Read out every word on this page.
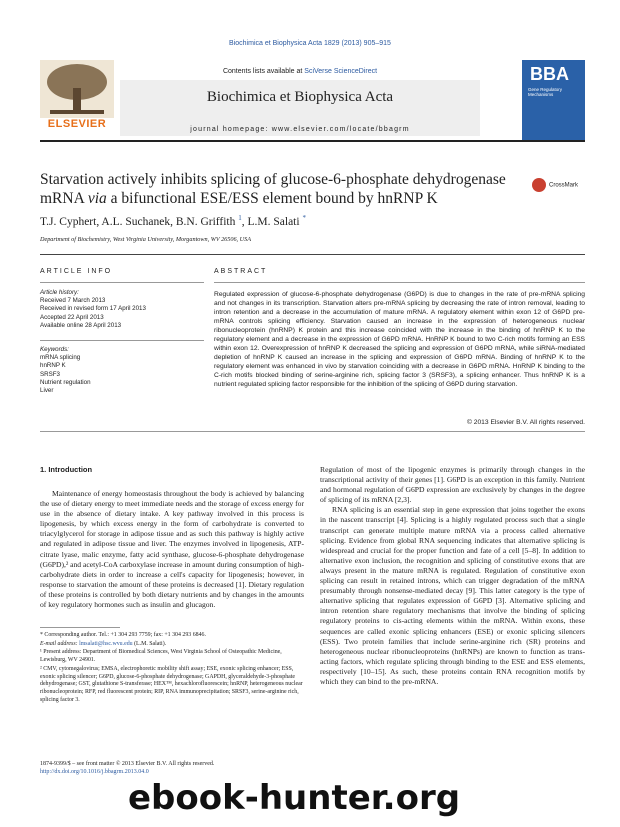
Biochimica et Biophysica Acta 1829 (2013) 905–915
ELSEVIER
Contents lists available at SciVerse ScienceDirect
Biochimica et Biophysica Acta
journal homepage: www.elsevier.com/locate/bbagrm
BBA
Gene Regulatory Mechanisms
Starvation actively inhibits splicing of glucose-6-phosphate dehydrogenase mRNA via a bifunctional ESE/ESS element bound by hnRNP K
CrossMark
T.J. Cyphert, A.L. Suchanek, B.N. Griffith $^1$, L.M. Salati *
Department of Biochemistry, West Virginia University, Morgantown, WV 26506, USA
ARTICLE INFO	ABSTRACT
Article history:
Received 7 March 2013
Received in revised form 17 April 2013
Accepted 22 April 2013
Available online 28 April 2013
Keywords:
mRNA splicing
hnRNP K
SRSF3
Nutrient regulation
Liver
Regulated expression of glucose-6-phosphate dehydrogenase (G6PD) is due to changes in the rate of pre-mRNA splicing and not changes in its transcription. Starvation alters pre-mRNA splicing by decreasing the rate of intron removal, leading to intron retention and a decrease in the accumulation of mature mRNA. A regulatory element within exon 12 of G6PD pre-mRNA controls splicing efficiency. Starvation caused an increase in the expression of heterogeneous nuclear ribonucleoprotein (hnRNP) K protein and this increase coincided with the increase in the binding of hnRNP K to the regulatory element and a decrease in the expression of G6PD mRNA. HnRNP K bound to two C-rich motifs forming an ESS within exon 12. Overexpression of hnRNP K decreased the splicing and expression of G6PD mRNA, while siRNA-mediated depletion of hnRNP K caused an increase in the splicing and expression of G6PD mRNA. Binding of hnRNP K to the regulatory element was enhanced in vivo by starvation coinciding with a decrease in G6PD mRNA. HnRNP K binding to the C-rich motifs blocked binding of serine-arginine rich, splicing factor 3 (SRSF3), a splicing enhancer. Thus hnRNP K is a nutrient regulated splicing factor responsible for the inhibition of the splicing of G6PD during starvation.
© 2013 Elsevier B.V. All rights reserved.
1. Introduction

Maintenance of energy homeostasis throughout the body is achieved by balancing the use of dietary energy to meet immediate needs and the storage of excess energy for use in the absence of dietary intake. A key pathway involved in this process is lipogenesis, by which excess energy in the form of carbohydrate is converted to triacylglycerol for storage in adipose tissue and as such this pathway is highly active and regulated in adipose tissue and liver. The enzymes involved in lipogenesis, ATP-citrate lyase, malic enzyme, fatty acid synthase, glucose-6-phosphate dehydrogenase (G6PD),² and acetyl-CoA carboxylase increase in amount during consumption of high-carbohydrate diets in order to increase a cell's capacity for lipogenesis; however, in response to starvation the amount of these proteins is decreased [1]. Dietary regulation of these proteins is controlled by both dietary nutrients and by changes in the amounts of key regulatory hormones such as insulin and glucagon.

Regulation of most of the lipogenic enzymes is primarily through changes in the transcriptional activity of their genes [1]. G6PD is an exception in this family. Nutrient and hormonal regulation of G6PD expression are exclusively by changes in the degree of splicing of its mRNA [2,3].

RNA splicing is an essential step in gene expression that joins together the exons in the nascent transcript [4]. Splicing is a highly regulated process such that a single transcript can generate multiple mature mRNA via a process called alternative splicing. Evidence from global RNA sequencing indicates that alternative splicing is widespread and crucial for the proper function and fate of a cell [5–8]. In addition to alternative exon inclusion, the recognition and splicing of constitutive exons that are always present in the mature mRNA is regulated. Regulation of constitutive exon splicing can result in retained introns, which can trigger degradation of the mRNA presumably through nonsense-mediated decay [9]. This latter category is the type of alternative splicing that regulates expression of G6PD [3]. Alternative splicing and intron retention share regulatory mechanisms that involve the binding of splicing regulatory proteins to cis-acting elements within the mRNA. Within exons, these sequences are called exonic splicing enhancers (ESE) or exonic splicing silencers (ESS). Two protein families that include serine-arginine rich (SR) proteins and heterogeneous nuclear ribonucleoproteins (hnRNPs) are known to function as trans-acting factors, which regulate splicing through binding to the ESE and ESS elements, respectively [10–15]. As such, these proteins contain RNA recognition motifs by which they can bind to the pre-mRNA.

* Corresponding author. Tel.: +1 304 293 7759; fax: +1 304 293 6846.

E-mail address: lmsalati@hsc.wvu.edu (L.M. Salati).

¹ Present address: Department of Biomedical Sciences, West Virginia School of Osteopathic Medicine, Lewisburg, WV 24901.

² CMV, cytomegalovirus; EMSA, electrophoretic mobility shift assay; ESE, exonic splicing enhancer; ESS, exonic splicing silencer; G6PD, glucose-6-phosphate dehydrogenase; GAPDH, glyceraldehyde-3-phosphate dehydrogenase; GST, glutathione S-transferase; HEX™, hexachlorofluorescein; hnRNP, heterogeneous nuclear ribonucleoprotein; RFP, red fluorescent protein; RIP, RNA immunoprecipitation; SRSF3, serine-arginine rich, splicing factor 3.

1874-9399/$ – see front matter © 2013 Elsevier B.V. All rights reserved.
http://dx.doi.org/10.1016/j.bbagrm.2013.04.0
ebook-hunter.org
